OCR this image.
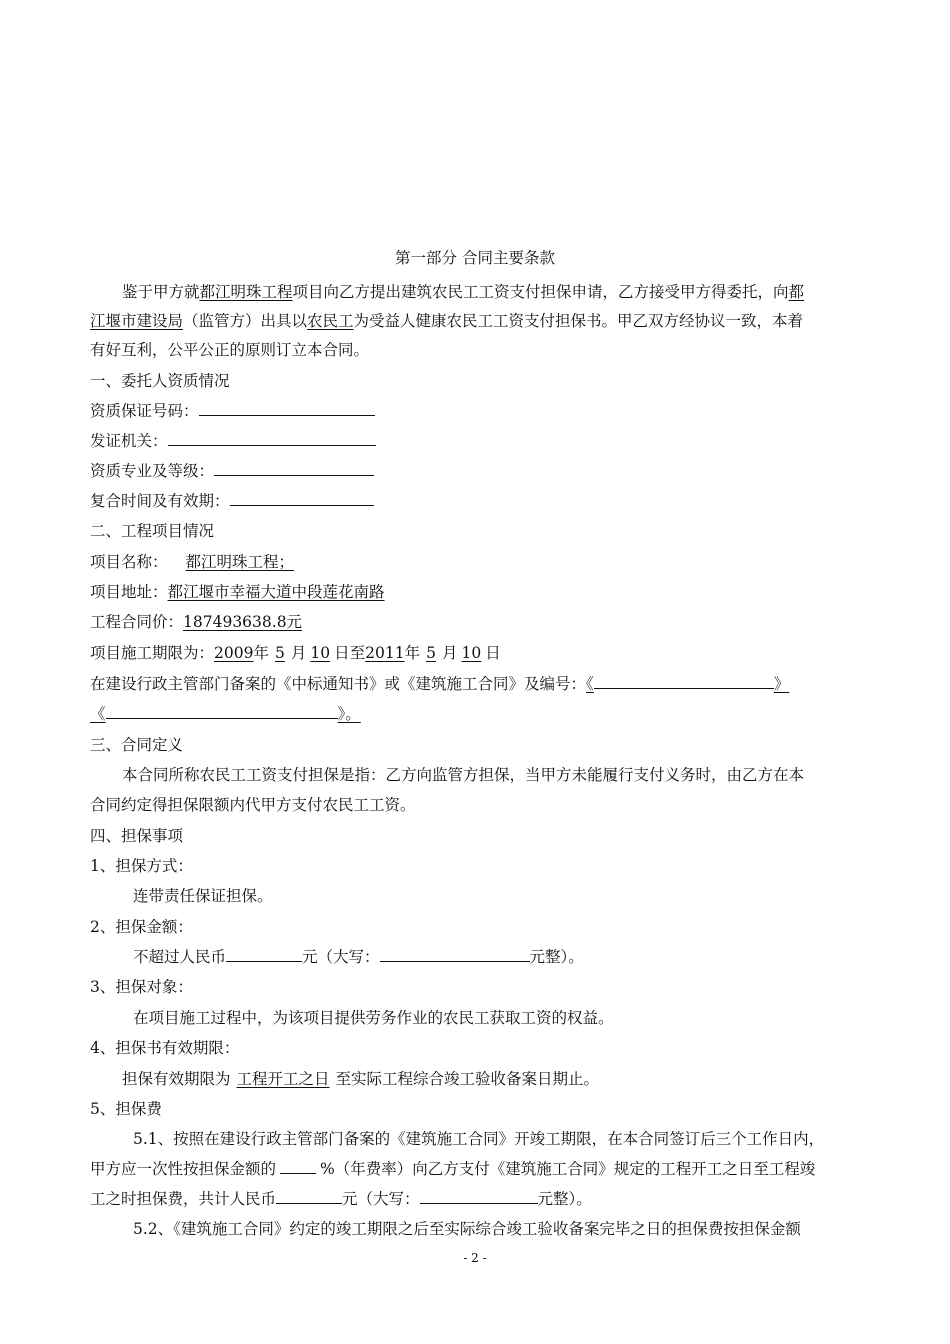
第一部分 合同主要条款
鉴于甲方就都江明珠工程项目向乙方提出建筑农民工工资支付担保申请，乙方接受甲方得委托，向都
江堰市建设局（监管方）出具以农民工为受益人健康农民工工资支付担保书。甲乙双方经协议一致，本着
有好互利，公平公正的原则订立本合同。
一、委托人资质情况
资质保证号码：
发证机关：
资质专业及等级：
复合时间及有效期：
二、工程项目情况
项目名称： 都江明珠工程；
项目地址：都江堰市幸福大道中段莲花南路
工程合同价：187493638.8元
项目施工期限为：2009年 5 月 10 日至2011年 5 月 10 日
在建设行政主管部门备案的《中标通知书》或《建筑施工合同》及编号：《	》
《	》。
三、合同定义
本合同所称农民工工资支付担保是指：乙方向监管方担保，当甲方未能履行支付义务时，由乙方在本
合同约定得担保限额内代甲方支付农民工工资。
四、担保事项
1、担保方式：
连带责任保证担保。
2、担保金额：
不超过人民币	元（大写：	元整）。
3、担保对象：
在项目施工过程中，为该项目提供劳务作业的农民工获取工资的权益。
4、担保书有效期限：
担保有效期限为 工程开工之日 至实际工程综合竣工验收备案日期止。
5、担保费
5.1、按照在建设行政主管部门备案的《建筑施工合同》开竣工期限，在本合同签订后三个工作日内，
甲方应一次性按担保金额的	%（年费率）向乙方支付《建筑施工合同》规定的工程开工之日至工程竣
工之时担保费，共计人民币	元（大写：	元整）。
5.2、《建筑施工合同》约定的竣工期限之后至实际综合竣工验收备案完毕之日的担保费按担保金额
- 2 -
